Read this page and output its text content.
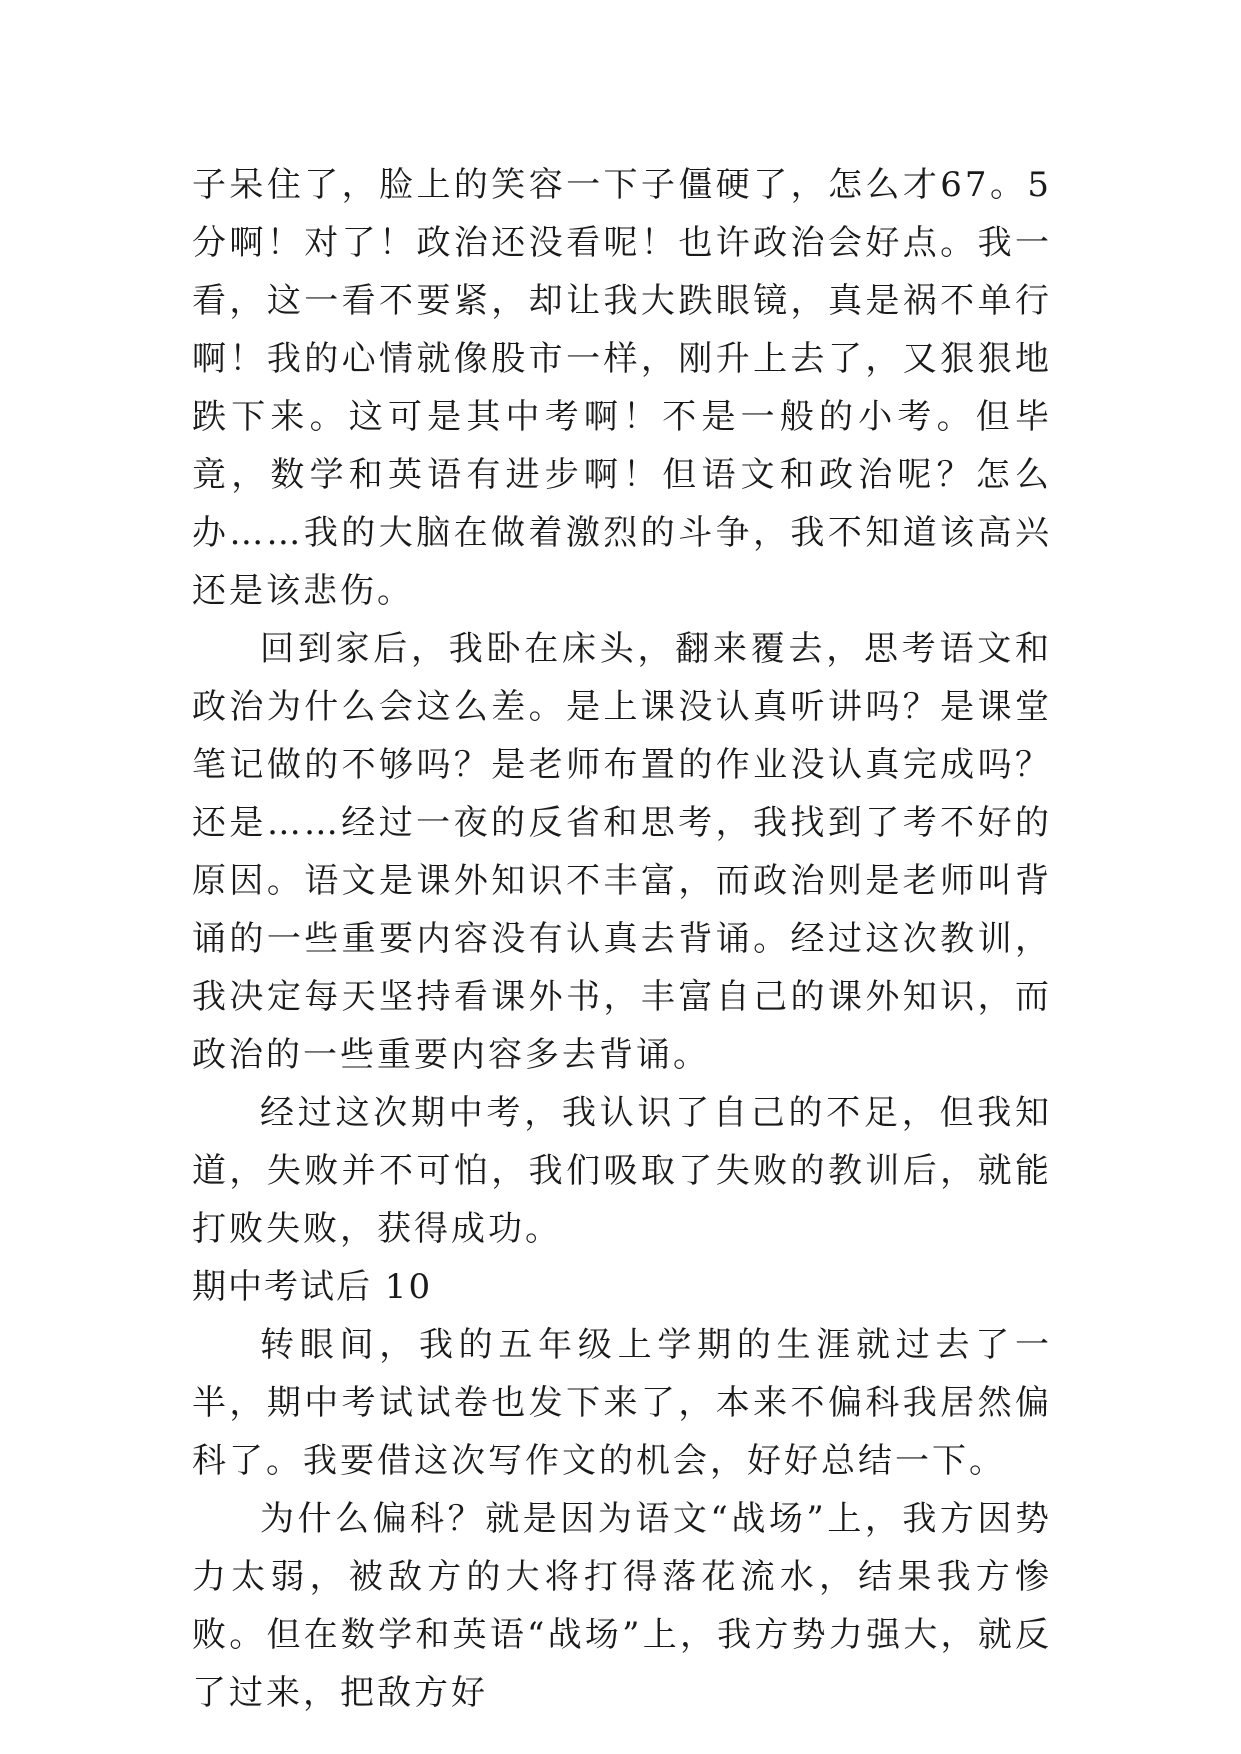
子呆住了，脸上的笑容一下子僵硬了，怎么才67。5分啊！对了！政治还没看呢！也许政治会好点。我一看，这一看不要紧，却让我大跌眼镜，真是祸不单行啊！我的心情就像股市一样，刚升上去了，又狠狠地跌下来。这可是其中考啊！不是一般的小考。但毕竟，数学和英语有进步啊！但语文和政治呢？怎么办……我的大脑在做着激烈的斗争，我不知道该高兴还是该悲伤。

回到家后，我卧在床头，翻来覆去，思考语文和政治为什么会这么差。是上课没认真听讲吗？是课堂笔记做的不够吗？是老师布置的作业没认真完成吗？还是……经过一夜的反省和思考，我找到了考不好的原因。语文是课外知识不丰富，而政治则是老师叫背诵的一些重要内容没有认真去背诵。经过这次教训，我决定每天坚持看课外书，丰富自己的课外知识，而政治的一些重要内容多去背诵。

经过这次期中考，我认识了自己的不足，但我知道，失败并不可怕，我们吸取了失败的教训后，就能打败失败，获得成功。

期中考试后 10

转眼间，我的五年级上学期的生涯就过去了一半，期中考试试卷也发下来了，本来不偏科我居然偏科了。我要借这次写作文的机会，好好总结一下。

为什么偏科？就是因为语文“战场”上，我方因势力太弱，被敌方的大将打得落花流水，结果我方惨败。但在数学和英语“战场”上，我方势力强大，就反了过来，把敌方好
